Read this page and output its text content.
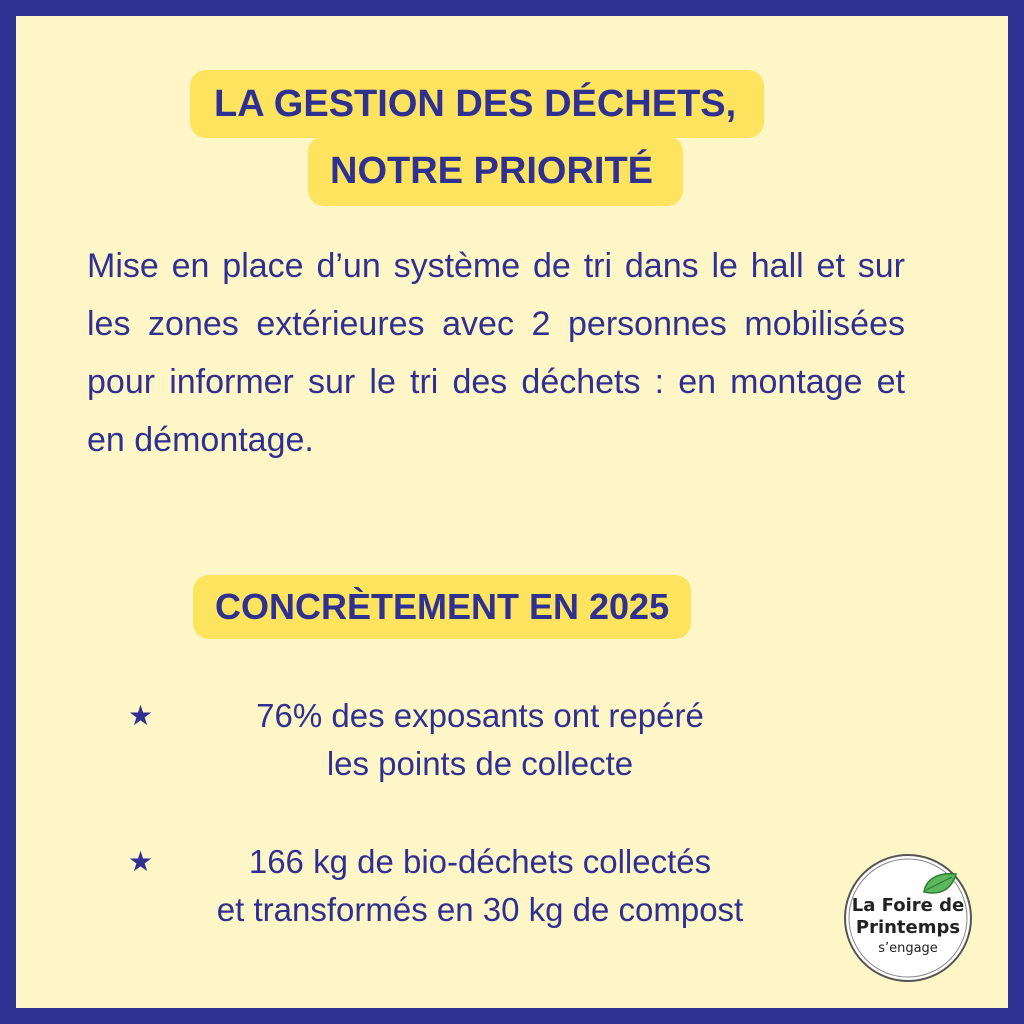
LA GESTION DES DÉCHETS,
NOTRE PRIORITÉ

Mise en place d’un système de tri dans le hall et sur les zones extérieures avec 2 personnes mobilisées pour informer sur le tri des déchets : en montage et en démontage.

CONCRÈTEMENT EN 2025
★	76% des exposants ont repéré
les points de collecte
★	166 kg de bio-déchets collectés
et transformés en 30 kg de compost	La Foire de
Printemps
s’engage
